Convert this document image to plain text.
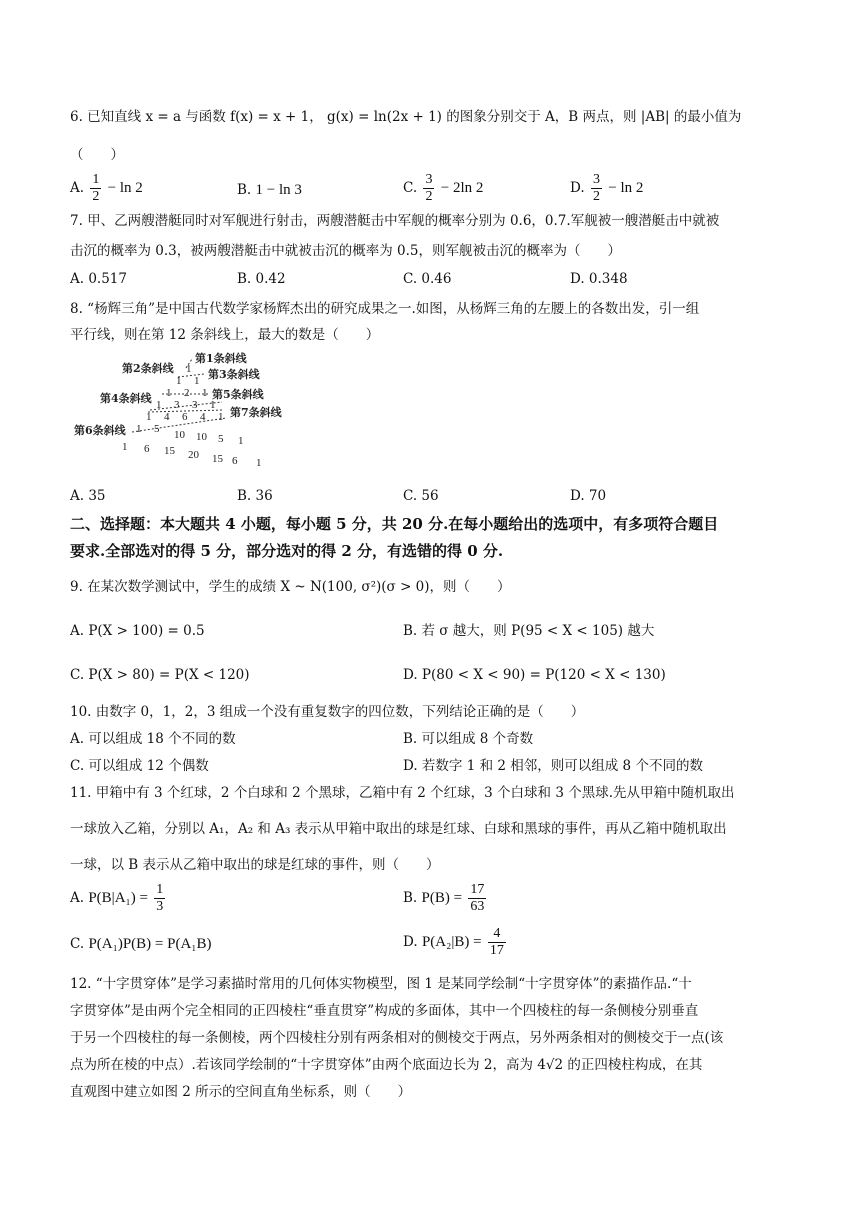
6. 已知直线 x = a 与函数 f(x) = x + 1， g(x) = ln(2x + 1) 的图象分别交于 A，B 两点，则 |AB| 的最小值为
（　　）
A. $\frac{1}{2} - \ln 2$	B. 1 − ln 3	C. $\frac{3}{2} - 2\ln$ 2	D. $\frac{3}{2} - \ln 2$
7. 甲、乙两艘潜艇同时对军舰进行射击，两艘潜艇击中军舰的概率分别为 0.6，0.7.军舰被一艘潜艇击中就被
击沉的概率为 0.3，被两艘潜艇击中就被击沉的概率为 0.5，则军舰被击沉的概率为（　　）
A. 0.517	B. 0.42	C. 0.46	D. 0.348
8. “杨辉三角”是中国古代数学家杨辉杰出的研究成果之一.如图，从杨辉三角的左腰上的各数出发，引一组
平行线，则在第 12 条斜线上，最大的数是（　　）
第1条斜线
第2条斜线	第3条斜线
第4条斜线	第5条斜线
第6条斜线
第7条斜线
1
1 1
1 2 1
1 3 3 1
1 4 6 4 1
1 5 10 10 5 1
1 6 15 20 15 6 1
A. 35	B. 36	C. 56	D. 70
二、选择题：本大题共 4 小题，每小题 5 分，共 20 分.在每小题给出的选项中，有多项符合题目
要求.全部选对的得 5 分，部分选对的得 2 分，有选错的得 0 分.
9. 在某次数学测试中，学生的成绩 X ~ N(100, σ²)(σ > 0)，则（　　）
A. P(X > 100) = 0.5	B. 若 σ 越大，则 P(95 < X < 105) 越大
C. P(X > 80) = P(X < 120)	D. P(80 < X < 90) = P(120 < X < 130)
10. 由数字 0，1，2，3 组成一个没有重复数字的四位数，下列结论正确的是（　　）
A. 可以组成 18 个不同的数	B. 可以组成 8 个奇数
C. 可以组成 12 个偶数	D. 若数字 1 和 2 相邻，则可以组成 8 个不同的数
11. 甲箱中有 3 个红球，2 个白球和 2 个黑球，乙箱中有 2 个红球，3 个白球和 3 个黑球.先从甲箱中随机取出
一球放入乙箱，分别以 A₁，A₂ 和 A₃ 表示从甲箱中取出的球是红球、白球和黑球的事件，再从乙箱中随机取出
一球，以 B 表示从乙箱中取出的球是红球的事件，则（　　）
A. $P(B|A_1) = \frac{1}{3}$	B. $P(B) = \frac{17}{63}$
C. P(A₁)P(B) = P(A₁B)	D. $P(A_2|B) = \frac{4}{17}$
12. “十字贯穿体”是学习素描时常用的几何体实物模型，图 1 是某同学绘制“十字贯穿体”的素描作品.“十
字贯穿体”是由两个完全相同的正四棱柱“垂直贯穿”构成的多面体，其中一个四棱柱的每一条侧棱分别垂直
于另一个四棱柱的每一条侧棱，两个四棱柱分别有两条相对的侧棱交于两点，另外两条相对的侧棱交于一点(该
点为所在棱的中点）.若该同学绘制的“十字贯穿体”由两个底面边长为 2，高为 4√2 的正四棱柱构成，在其
直观图中建立如图 2 所示的空间直角坐标系，则（　　）
